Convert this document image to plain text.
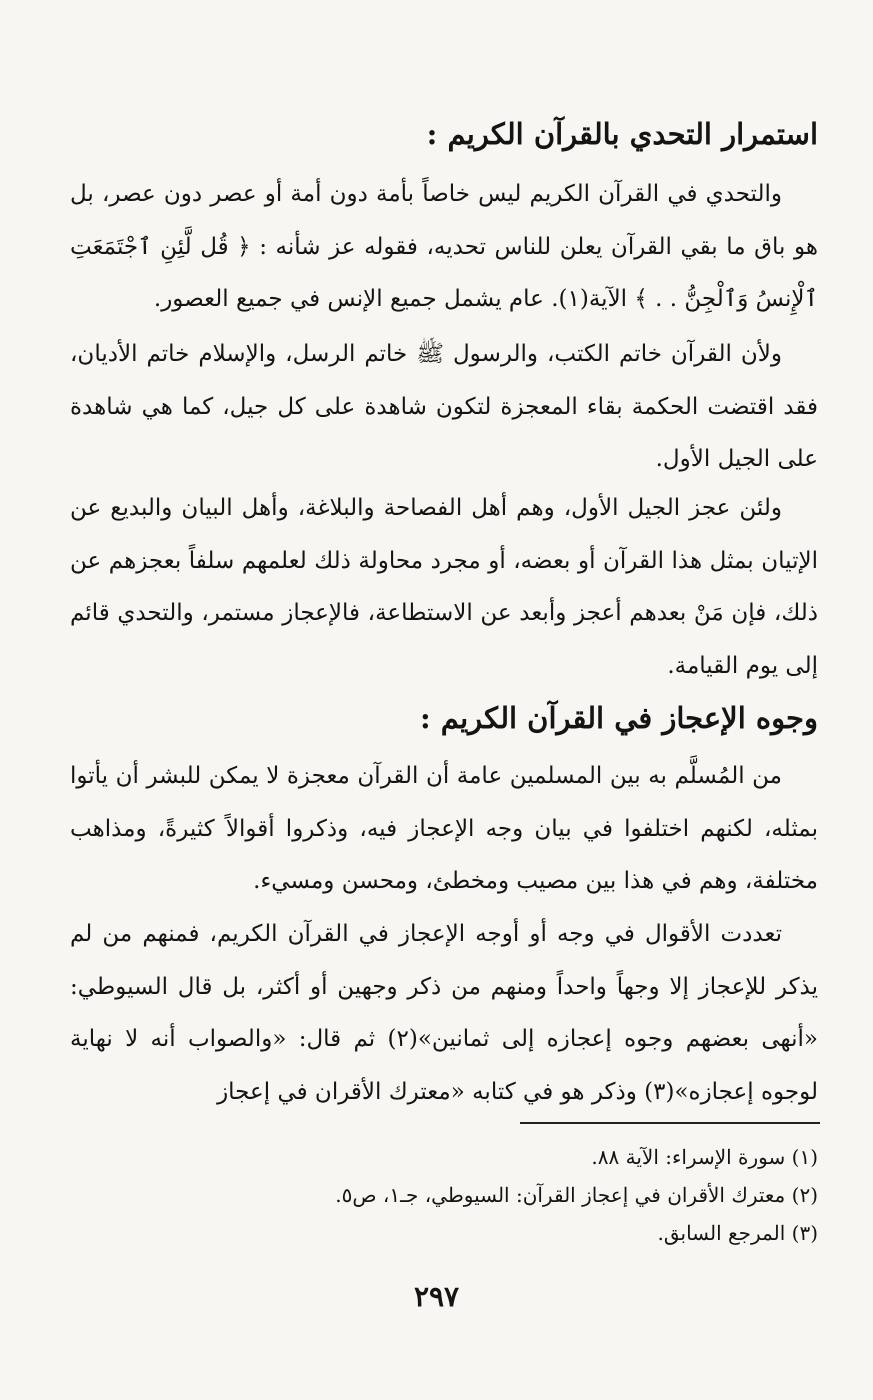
استمرار التحدي بالقرآن الكريم :
والتحدي في القرآن الكريم ليس خاصاً بأمة دون أمة أو عصر دون عصر، بل هو باق ما بقي القرآن يعلن للناس تحديه، فقوله عز شأنه : ﴿ قُل لَّئِنِ ٱجْتَمَعَتِ ٱلْإِنسُ وَٱلْجِنُّ . . ﴾ الآية(١). عام يشمل جميع الإنس في جميع العصور.
ولأن القرآن خاتم الكتب، والرسول ﷺ خاتم الرسل، والإسلام خاتم الأديان، فقد اقتضت الحكمة بقاء المعجزة لتكون شاهدة على كل جيل، كما هي شاهدة على الجيل الأول.
ولئن عجز الجيل الأول، وهم أهل الفصاحة والبلاغة، وأهل البيان والبديع عن الإتيان بمثل هذا القرآن أو بعضه، أو مجرد محاولة ذلك لعلمهم سلفاً بعجزهم عن ذلك، فإن مَنْ بعدهم أعجز وأبعد عن الاستطاعة، فالإعجاز مستمر، والتحدي قائم إلى يوم القيامة.
وجوه الإعجاز في القرآن الكريم :
من المُسلَّم به بين المسلمين عامة أن القرآن معجزة لا يمكن للبشر أن يأتوا بمثله، لكنهم اختلفوا في بيان وجه الإعجاز فيه، وذكروا أقوالاً كثيرةً، ومذاهب مختلفة، وهم في هذا بين مصيب ومخطئ، ومحسن ومسيء.
تعددت الأقوال في وجه أو أوجه الإعجاز في القرآن الكريم، فمنهم من لم يذكر للإعجاز إلا وجهاً واحداً ومنهم من ذكر وجهين أو أكثر، بل قال السيوطي: «أنهى بعضهم وجوه إعجازه إلى ثمانين»(٢) ثم قال: «والصواب أنه لا نهاية لوجوه إعجازه»(٣) وذكر هو في كتابه «معترك الأقران في إعجاز
(١) سورة الإسراء: الآية ٨٨.
(٢) معترك الأقران في إعجاز القرآن: السيوطي، جـ١، ص٥.
(٣) المرجع السابق.
٢٩٧
